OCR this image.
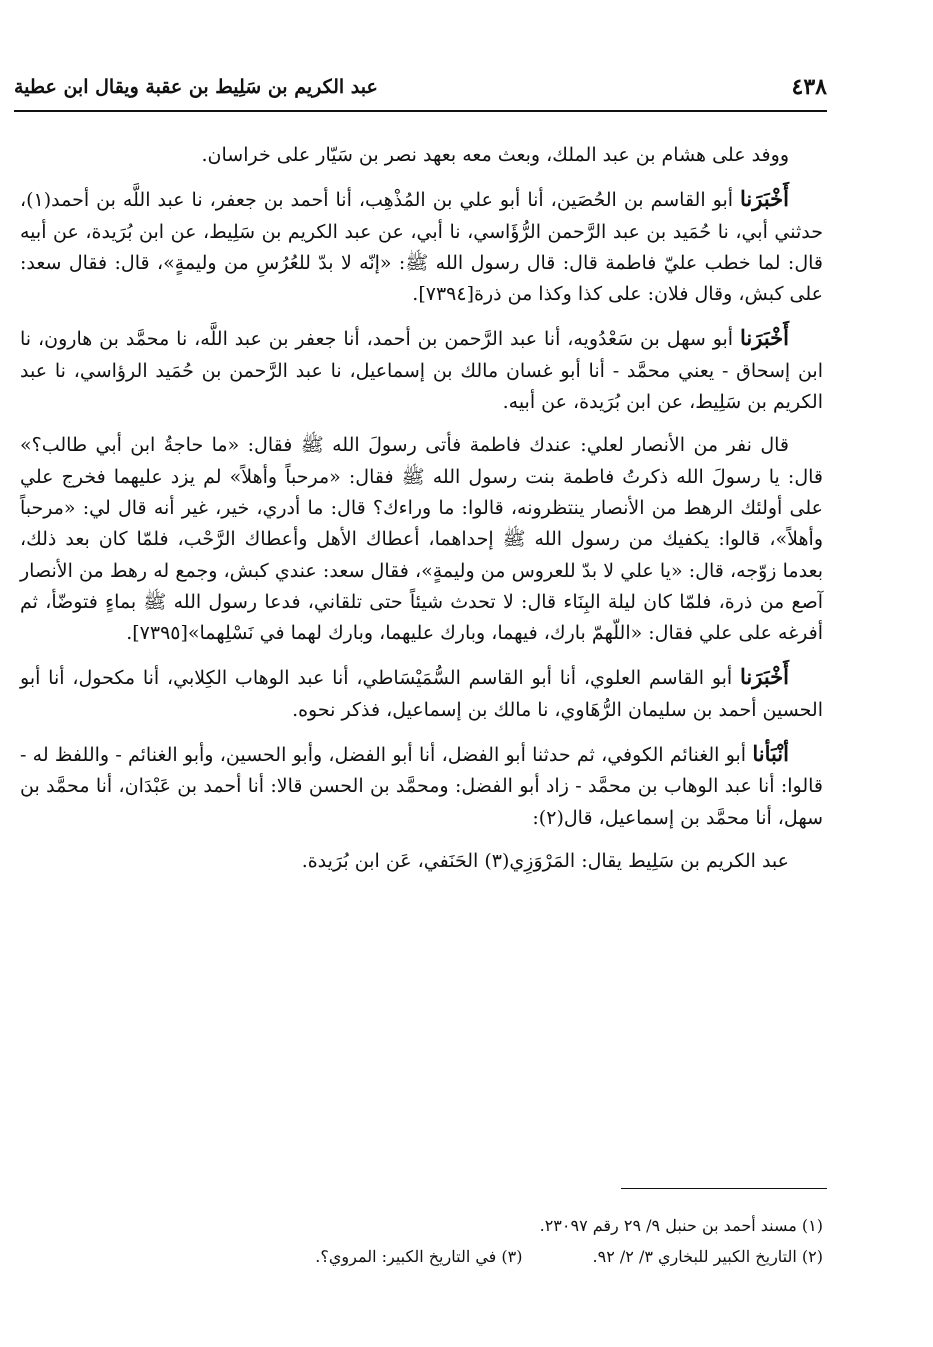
٤٣٨
عبد الكريم بن سَلِيط بن عقبة ويقال ابن عطية

ووفد على هشام بن عبد الملك، وبعث معه بعهد نصر بن سَيّار على خراسان.

أَخْبَرَنا أبو القاسم بن الحُصَين، أنا أبو علي بن المُذْهِب، أنا أحمد بن جعفر، نا عبد اللَّه بن أحمد(١)، حدثني أبي، نا حُمَيد بن عبد الرَّحمن الرُّؤَاسي، نا أبي، عن عبد الكريم بن سَلِيط، عن ابن بُرَيدة، عن أبيه قال: لما خطب عليّ فاطمة قال: قال رسول الله ﷺ: «إنّه لا بدّ للعُرُسِ من وليمةٍ»، قال: فقال سعد: على كبش، وقال فلان: على كذا وكذا من ذرة[٧٣٩٤].

أَخْبَرَنا أبو سهل بن سَعْدُويه، أنا عبد الرَّحمن بن أحمد، أنا جعفر بن عبد اللَّه، نا محمَّد بن هارون، نا ابن إسحاق - يعني محمَّد - أنا أبو غسان مالك بن إسماعيل، نا عبد الرَّحمن بن حُمَيد الرؤاسي، نا عبد الكريم بن سَلِيط، عن ابن بُرَيدة، عن أبيه.

قال نفر من الأنصار لعلي: عندك فاطمة فأتى رسولَ الله ﷺ فقال: «ما حاجةُ ابن أبي طالب؟» قال: يا رسولَ الله ذكرتُ فاطمة بنت رسول الله ﷺ فقال: «مرحباً وأهلاً» لم يزد عليهما فخرج علي على أولئك الرهط من الأنصار ينتظرونه، قالوا: ما وراءك؟ قال: ما أدري، خير، غير أنه قال لي: «مرحباً وأهلاً»، قالوا: يكفيك من رسول الله ﷺ إحداهما، أعطاك الأهل وأعطاك الرَّحْب، فلمّا كان بعد ذلك، بعدما زوّجه، قال: «يا علي لا بدّ للعروس من وليمةٍ»، فقال سعد: عندي كبش، وجمع له رهط من الأنصار آصع من ذرة، فلمّا كان ليلة البِنَاء قال: لا تحدث شيئاً حتى تلقاني، فدعا رسول الله ﷺ بماءٍ فتوضّأ، ثم أفرغه على علي فقال: «اللّهمّ بارك، فيهما، وبارك عليهما، وبارك لهما في نَسْلِهما»[٧٣٩٥].

أَخْبَرَنا أبو القاسم العلوي، أنا أبو القاسم السُّمَيْسَاطي، أنا عبد الوهاب الكِلابي، أنا مكحول، أنا أبو الحسين أحمد بن سليمان الرُّهَاوي، نا مالك بن إسماعيل، فذكر نحوه.

أنْبَأنا أبو الغنائم الكوفي، ثم حدثنا أبو الفضل، أنا أبو الفضل، وأبو الحسين، وأبو الغنائم - واللفظ له - قالوا: أنا عبد الوهاب بن محمَّد - زاد أبو الفضل: ومحمَّد بن الحسن قالا: أنا أحمد بن عَبْدَان، أنا محمَّد بن سهل، أنا محمَّد بن إسماعيل، قال(٢):

عبد الكريم بن سَلِيط يقال: المَرْوَزِي(٣) الحَنَفي، عَن ابن بُرَيدة.

(١) مسند أحمد بن حنبل ٩/ ٢٩ رقم ٢٣٠٩٧.
(٢) التاريخ الكبير للبخاري ٣/ ٢/ ٩٢.
(٣) في التاريخ الكبير: المروي؟.
